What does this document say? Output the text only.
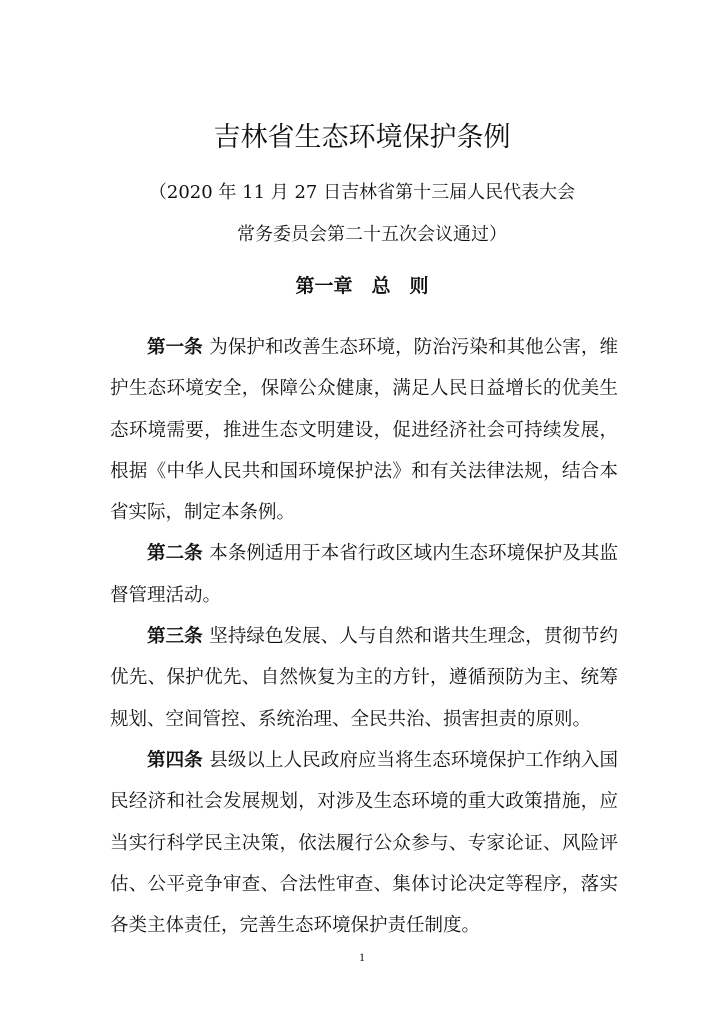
吉林省生态环境保护条例
（2020 年 11 月 27 日吉林省第十三届人民代表大会
常务委员会第二十五次会议通过）
第一章　总　则

第一条 为保护和改善生态环境，防治污染和其他公害，维护生态环境安全，保障公众健康，满足人民日益增长的优美生态环境需要，推进生态文明建设，促进经济社会可持续发展，根据《中华人民共和国环境保护法》和有关法律法规，结合本省实际，制定本条例。

第二条 本条例适用于本省行政区域内生态环境保护及其监督管理活动。

第三条 坚持绿色发展、人与自然和谐共生理念，贯彻节约优先、保护优先、自然恢复为主的方针，遵循预防为主、统筹规划、空间管控、系统治理、全民共治、损害担责的原则。

第四条 县级以上人民政府应当将生态环境保护工作纳入国民经济和社会发展规划，对涉及生态环境的重大政策措施，应当实行科学民主决策，依法履行公众参与、专家论证、风险评估、公平竞争审查、合法性审查、集体讨论决定等程序，落实各类主体责任，完善生态环境保护责任制度。

1
